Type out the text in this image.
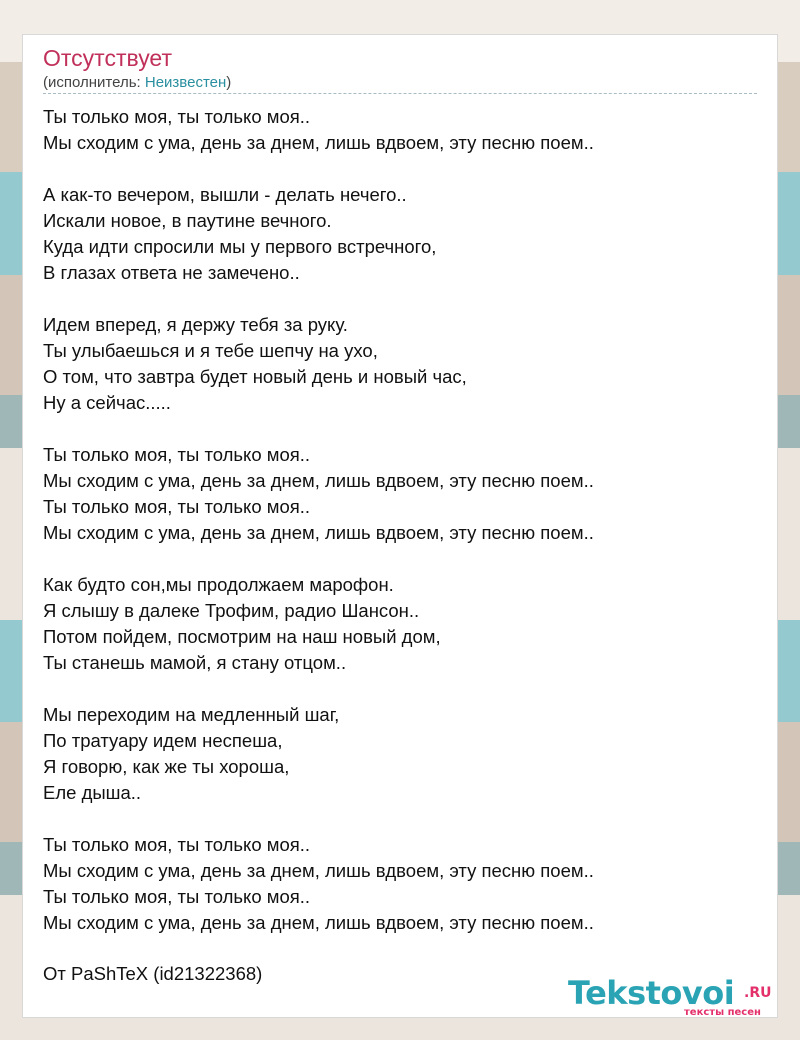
Отсутствует
(исполнитель: Неизвестен)
Ты только моя, ты только моя..
Мы сходим с ума, день за днем, лишь вдвоем, эту песню поем..
А как-то вечером, вышли - делать нечего..
Искали новое, в паутине вечного.
Куда идти спросили мы у первого встречного,
В глазах ответа не замечено..
Идем вперед, я держу тебя за руку.
Ты улыбаешься и я тебе шепчу на ухо,
О том, что завтра будет новый день и новый час,
Ну а сейчас.....
Ты только моя, ты только моя..
Мы сходим с ума, день за днем, лишь вдвоем, эту песню поем..
Ты только моя, ты только моя..
Мы сходим с ума, день за днем, лишь вдвоем, эту песню поем..
Как будто сон,мы продолжаем марофон.
Я слышу в далеке Трофим, радио Шансон..
Потом пойдем, посмотрим на наш новый дом,
Ты станешь мамой, я стану отцом..
Мы переходим на медленный шаг,
По тратуару идем неспеша,
Я говорю, как же ты хороша,
Еле дыша..
Ты только моя, ты только моя..
Мы сходим с ума, день за днем, лишь вдвоем, эту песню поем..
Ты только моя, ты только моя..
Мы сходим с ума, день за днем, лишь вдвоем, эту песню поем..
От PaShTeX (id21322368)
Tekstovoi .RU
тексты песен
